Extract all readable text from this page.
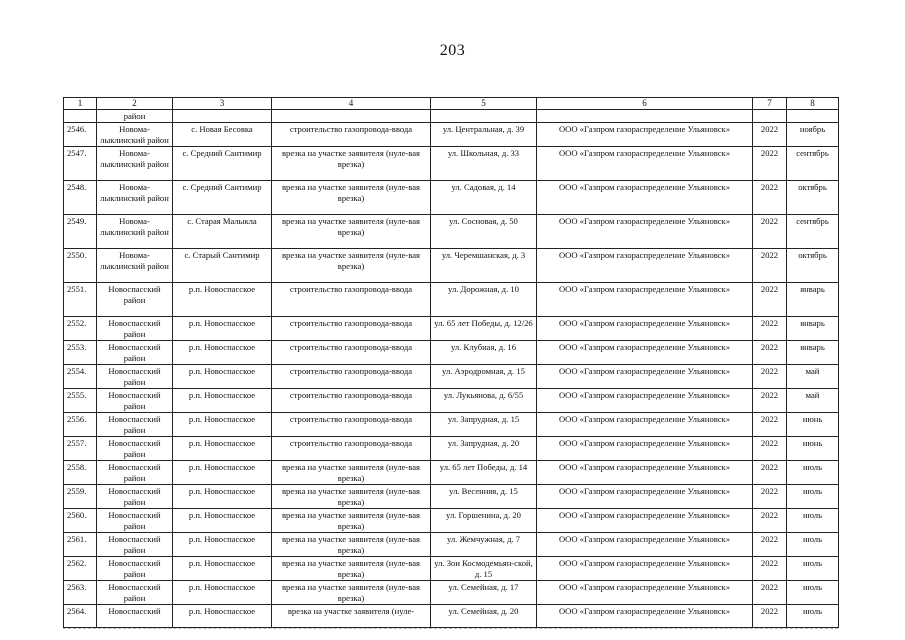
203
1	2	3	4	5	6	7	8
	район						
2546.	Новома-лыклинский район	с. Новая Бесовка	строительство газопровода-ввода	ул. Центральная, д. 39	ООО «Газпром газораспределение Ульяновск»	2022	ноябрь
2547.	Новома-лыклинский район	с. Средний Сантимир	врезка на участке заявителя (нуле-вая врезка)	ул. Школьная, д. 33	ООО «Газпром газораспределение Ульяновск»	2022	сентябрь
2548.	Новома-лыклинский район	с. Средний Сантимир	врезка на участке заявителя (нуле-вая врезка)	ул. Садовая, д. 14	ООО «Газпром газораспределение Ульяновск»	2022	октябрь
2549.	Новома-лыклинский район	с. Старая Малыкла	врезка на участке заявителя (нуле-вая врезка)	ул. Сосновая, д. 50	ООО «Газпром газораспределение Ульяновск»	2022	сентябрь
2550.	Новома-лыклинский район	с. Старый Сантимир	врезка на участке заявителя (нуле-вая врезка)	ул. Черемшанская, д. 3	ООО «Газпром газораспределение Ульяновск»	2022	октябрь
2551.	Новоспасский район	р.п. Новоспасское	строительство газопровода-ввода	ул. Дорожная, д. 10	ООО «Газпром газораспределение Ульяновск»	2022	январь
2552.	Новоспасский район	р.п. Новоспасское	строительство газопровода-ввода	ул. 65 лет Победы, д. 12/26	ООО «Газпром газораспределение Ульяновск»	2022	январь
2553.	Новоспасский район	р.п. Новоспасское	строительство газопровода-ввода	ул. Клубная, д. 16	ООО «Газпром газораспределение Ульяновск»	2022	январь
2554.	Новоспасский район	р.п. Новоспасское	строительство газопровода-ввода	ул. Аэродромная, д. 15	ООО «Газпром газораспределение Ульяновск»	2022	май
2555.	Новоспасский район	р.п. Новоспасское	строительство газопровода-ввода	ул. Лукьянова, д. 6/55	ООО «Газпром газораспределение Ульяновск»	2022	май
2556.	Новоспасский район	р.п. Новоспасское	строительство газопровода-ввода	ул. Запрудная, д. 15	ООО «Газпром газораспределение Ульяновск»	2022	июнь
2557.	Новоспасский район	р.п. Новоспасское	строительство газопровода-ввода	ул. Запрудная, д. 20	ООО «Газпром газораспределение Ульяновск»	2022	июнь
2558.	Новоспасский район	р.п. Новоспасское	врезка на участке заявителя (нуле-вая врезка)	ул. 65 лет Победы, д. 14	ООО «Газпром газораспределение Ульяновск»	2022	июль
2559.	Новоспасский район	р.п. Новоспасское	врезка на участке заявителя (нуле-вая врезка)	ул. Весенняя, д. 15	ООО «Газпром газораспределение Ульяновск»	2022	июль
2560.	Новоспасский район	р.п. Новоспасское	врезка на участке заявителя (нуле-вая врезка)	ул. Горшенина, д. 20	ООО «Газпром газораспределение Ульяновск»	2022	июль
2561.	Новоспасский район	р.п. Новоспасское	врезка на участке заявителя (нуле-вая врезка)	ул. Жемчужная, д. 7	ООО «Газпром газораспределение Ульяновск»	2022	июль
2562.	Новоспасский район	р.п. Новоспасское	врезка на участке заявителя (нуле-вая врезка)	ул. Зои Космодемьян-ской, д. 15	ООО «Газпром газораспределение Ульяновск»	2022	июль
2563.	Новоспасский район	р.п. Новоспасское	врезка на участке заявителя (нуле-вая врезка)	ул. Семейная, д. 17	ООО «Газпром газораспределение Ульяновск»	2022	июль
2564.	Новоспасский	р.п. Новоспасское	врезка на участке заявителя (нуле-	ул. Семейная, д. 20	ООО «Газпром газораспределение Ульяновск»	2022	июль
